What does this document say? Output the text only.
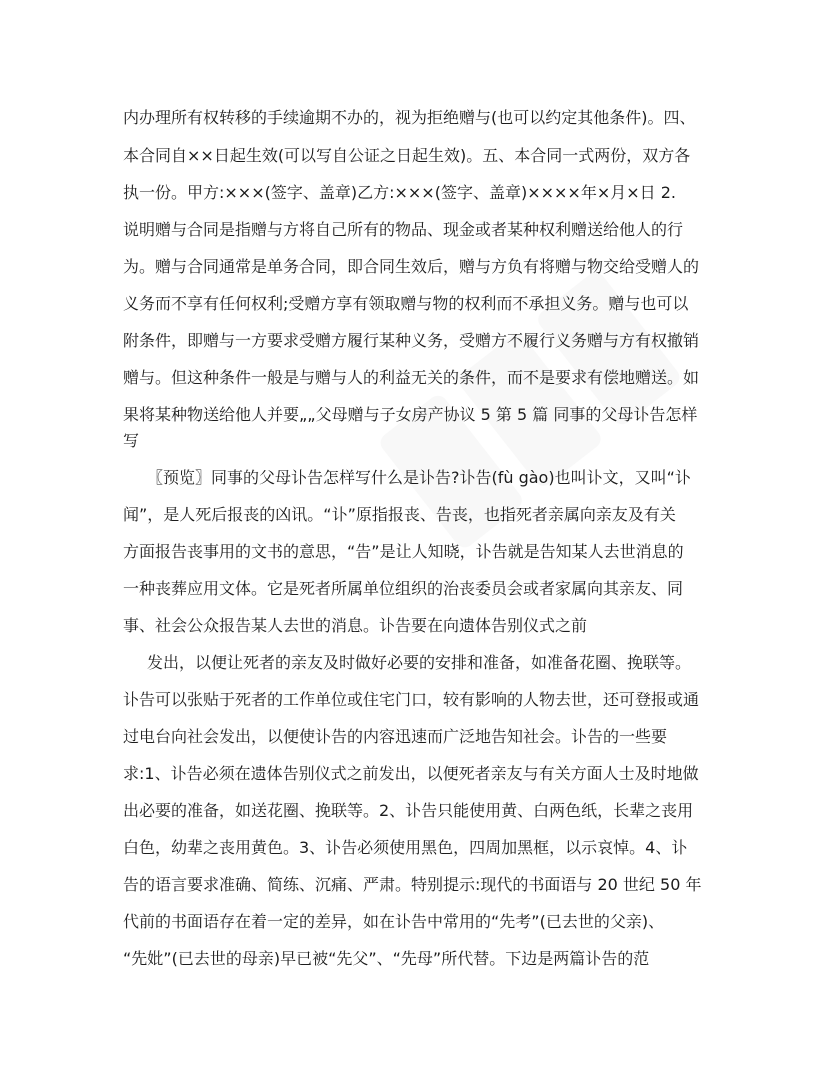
内办理所有权转移的手续逾期不办的，视为拒绝赠与(也可以约定其他条件)。四、
本合同自××日起生效(可以写自公证之日起生效)。五、本合同一式两份，双方各
执一份。甲方:×××(签字、盖章)乙方:×××(签字、盖章)××××年×月×日 2.
说明赠与合同是指赠与方将自己所有的物品、现金或者某种权利赠送给他人的行
为。赠与合同通常是单务合同，即合同生效后，赠与方负有将赠与物交给受赠人的
义务而不享有任何权利;受赠方享有领取赠与物的权利而不承担义务。赠与也可以
附条件，即赠与一方要求受赠方履行某种义务，受赠方不履行义务赠与方有权撤销
赠与。但这种条件一般是与赠与人的利益无关的条件，而不是要求有偿地赠送。如
果将某种物送给他人并要„„父母赠与子女房产协议 5 第 5 篇 同事的父母讣告怎样
写
〖预览〗同事的父母讣告怎样写什么是讣告?讣告(fù gào)也叫讣文，又叫“讣
闻”，是人死后报丧的凶讯。“讣”原指报丧、告丧，也指死者亲属向亲友及有关
方面报告丧事用的文书的意思，“告”是让人知晓，讣告就是告知某人去世消息的
一种丧葬应用文体。它是死者所属单位组织的治丧委员会或者家属向其亲友、同
事、社会公众报告某人去世的消息。讣告要在向遗体告别仪式之前
发出，以便让死者的亲友及时做好必要的安排和准备，如准备花圈、挽联等。
讣告可以张贴于死者的工作单位或住宅门口，较有影响的人物去世，还可登报或通
过电台向社会发出，以便使讣告的内容迅速而广泛地告知社会。讣告的一些要
求:1、讣告必须在遗体告别仪式之前发出，以便死者亲友与有关方面人士及时地做
出必要的准备，如送花圈、挽联等。2、讣告只能使用黄、白两色纸，长辈之丧用
白色，幼辈之丧用黄色。3、讣告必须使用黑色，四周加黑框，以示哀悼。4、讣
告的语言要求准确、简练、沉痛、严肃。特别提示:现代的书面语与 20 世纪 50 年
代前的书面语存在着一定的差异，如在讣告中常用的“先考”(已去世的父亲)、
“先妣”(已去世的母亲)早已被“先父”、“先母”所代替。下边是两篇讣告的范
